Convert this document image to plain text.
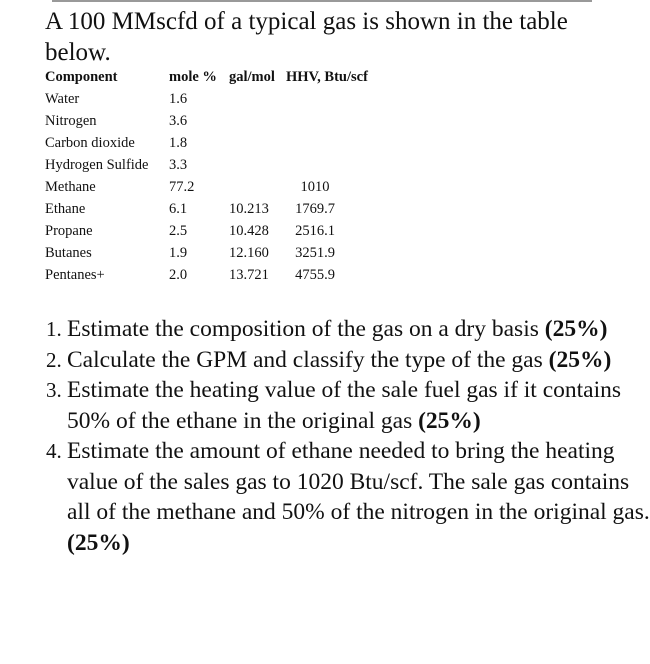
A 100 MMscfd of a typical gas is shown in the table below.
Component	mole %	gal/mol	HHV, Btu/scf
Water	1.6		
Nitrogen	3.6		
Carbon dioxide	1.8		
Hydrogen Sulfide	3.3		
Methane	77.2		1010
Ethane	6.1	10.213	1769.7
Propane	2.5	10.428	2516.1
Butanes	1.9	12.160	3251.9
Pentanes+	2.0	13.721	4755.9
1. Estimate the composition of the gas on a dry basis (25%)
2. Calculate the GPM and classify the type of the gas (25%)
3. Estimate the heating value of the sale fuel gas if it contains 50% of the ethane in the original gas (25%)
4. Estimate the amount of ethane needed to bring the heating value of the sales gas to 1020 Btu/scf. The sale gas contains all of the methane and 50% of the nitrogen in the original gas. (25%)
